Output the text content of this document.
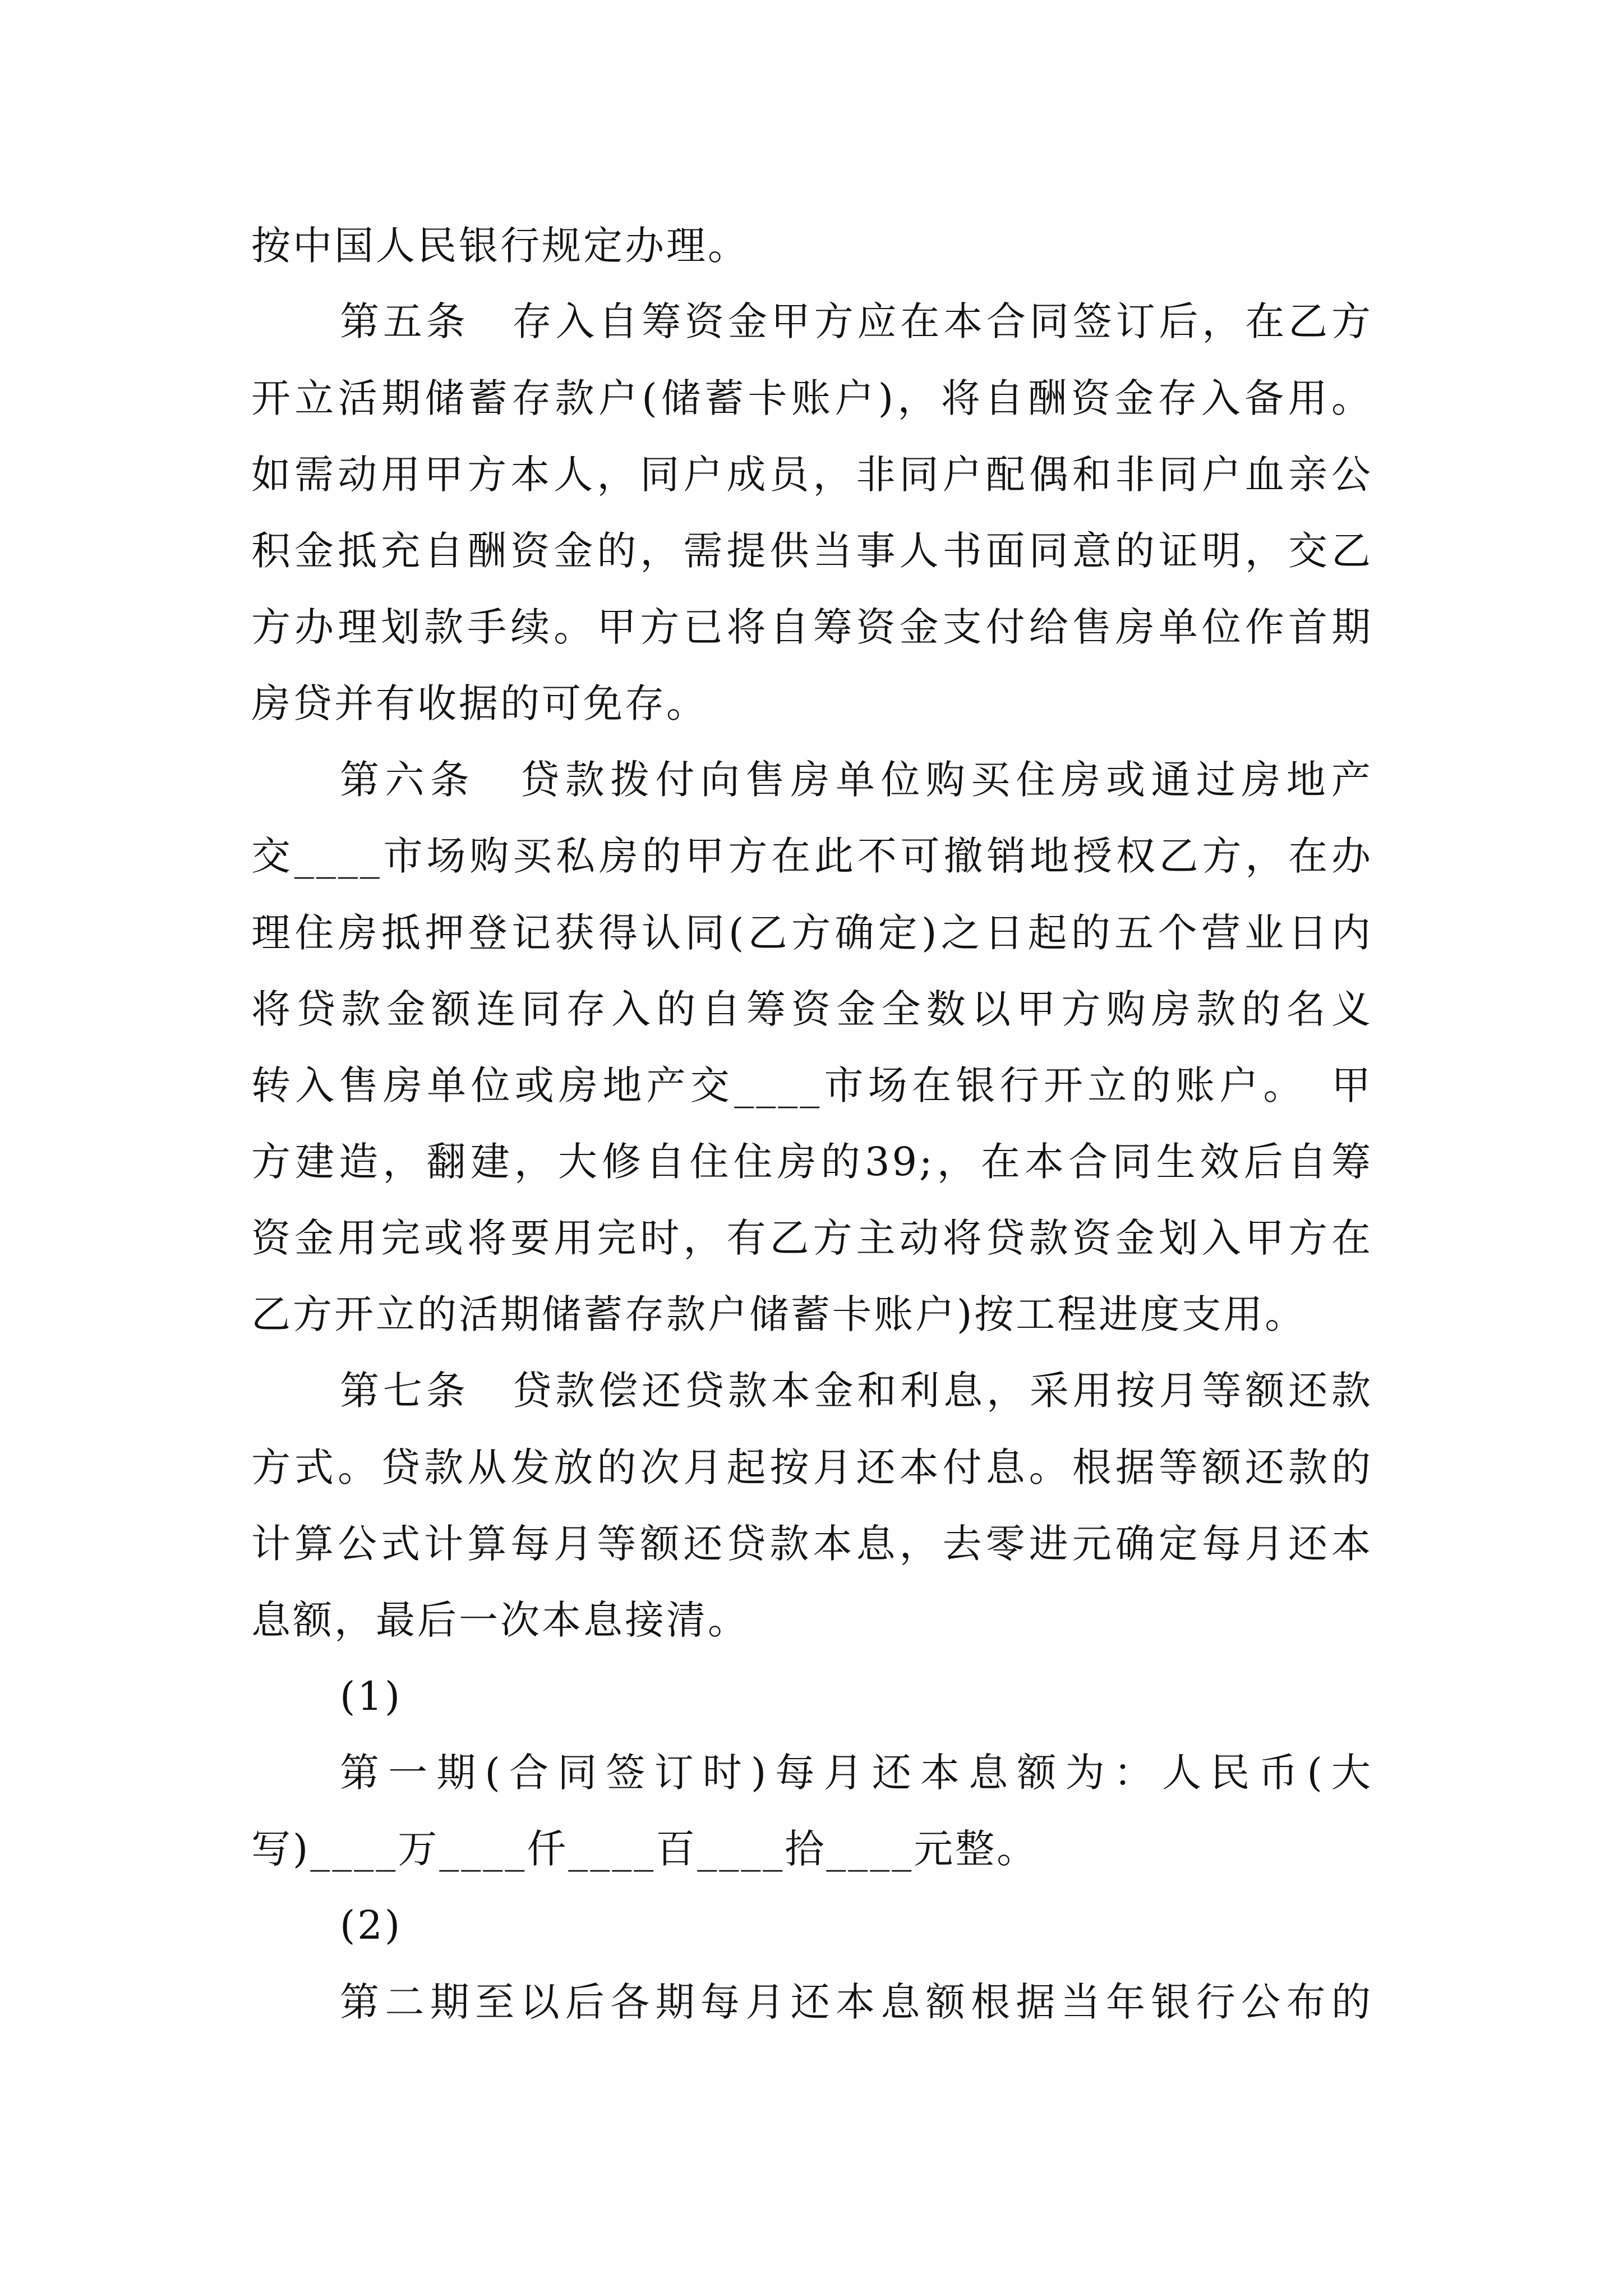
按中国人民银行规定办理。
第五条　存入自筹资金甲方应在本合同签订后，在乙方
开立活期储蓄存款户(储蓄卡账户)，将自酬资金存入备用。
如需动用甲方本人，同户成员，非同户配偶和非同户血亲公
积金抵充自酬资金的，需提供当事人书面同意的证明，交乙
方办理划款手续。甲方已将自筹资金支付给售房单位作首期
房贷并有收据的可免存。
第六条　贷款拨付向售房单位购买住房或通过房地产
交____市场购买私房的甲方在此不可撤销地授权乙方，在办
理住房抵押登记获得认同(乙方确定)之日起的五个营业日内
将贷款金额连同存入的自筹资金全数以甲方购房款的名义
转入售房单位或房地产交____市场在银行开立的账户。　甲
方建造，翻建，大修自住住房的39;，在本合同生效后自筹
资金用完或将要用完时，有乙方主动将贷款资金划入甲方在
乙方开立的活期储蓄存款户储蓄卡账户)按工程进度支用。
第七条　贷款偿还贷款本金和利息，采用按月等额还款
方式。贷款从发放的次月起按月还本付息。根据等额还款的
计算公式计算每月等额还贷款本息，去零进元确定每月还本
息额，最后一次本息接清。
(1)
第一期(合同签订时)每月还本息额为：人民币(大
写)____万____仟____百____拾____元整。
(2)
第二期至以后各期每月还本息额根据当年银行公布的
